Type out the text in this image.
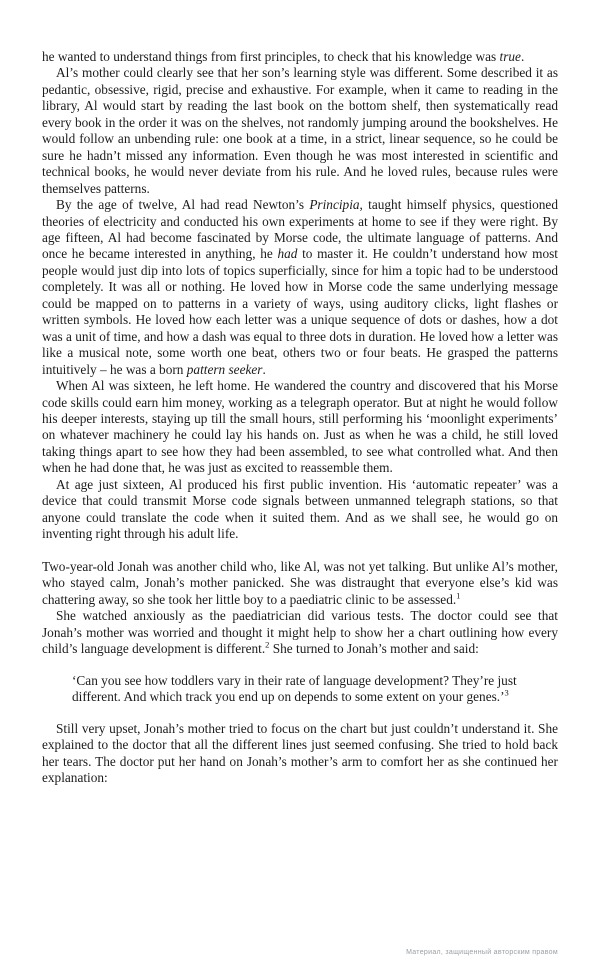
he wanted to understand things from first principles, to check that his knowledge was true.

Al’s mother could clearly see that her son’s learning style was different. Some described it as pedantic, obsessive, rigid, precise and exhaustive. For example, when it came to reading in the library, Al would start by reading the last book on the bottom shelf, then systematically read every book in the order it was on the shelves, not randomly jumping around the bookshelves. He would follow an unbending rule: one book at a time, in a strict, linear sequence, so he could be sure he hadn’t missed any information. Even though he was most interested in scientific and technical books, he would never deviate from his rule. And he loved rules, because rules were themselves patterns.

By the age of twelve, Al had read Newton’s Principia, taught himself physics, questioned theories of electricity and conducted his own experiments at home to see if they were right. By age fifteen, Al had become fascinated by Morse code, the ultimate language of patterns. And once he became interested in anything, he had to master it. He couldn’t understand how most people would just dip into lots of topics superficially, since for him a topic had to be understood completely. It was all or nothing. He loved how in Morse code the same underlying message could be mapped on to patterns in a variety of ways, using auditory clicks, light flashes or written symbols. He loved how each letter was a unique sequence of dots or dashes, how a dot was a unit of time, and how a dash was equal to three dots in duration. He loved how a letter was like a musical note, some worth one beat, others two or four beats. He grasped the patterns intuitively – he was a born pattern seeker.

When Al was sixteen, he left home. He wandered the country and discovered that his Morse code skills could earn him money, working as a telegraph operator. But at night he would follow his deeper interests, staying up till the small hours, still performing his ‘moonlight experiments’ on whatever machinery he could lay his hands on. Just as when he was a child, he still loved taking things apart to see how they had been assembled, to see what controlled what. And then when he had done that, he was just as excited to reassemble them.

At age just sixteen, Al produced his first public invention. His ‘automatic repeater’ was a device that could transmit Morse code signals between unmanned telegraph stations, so that anyone could translate the code when it suited them. And as we shall see, he would go on inventing right through his adult life.

Two-year-old Jonah was another child who, like Al, was not yet talking. But unlike Al’s mother, who stayed calm, Jonah’s mother panicked. She was distraught that everyone else’s kid was chattering away, so she took her little boy to a paediatric clinic to be assessed.$^1$

She watched anxiously as the paediatrician did various tests. The doctor could see that Jonah’s mother was worried and thought it might help to show her a chart outlining how every child’s language development is different.$^2$ She turned to Jonah’s mother and said:

‘Can you see how toddlers vary in their rate of language development? They’re just different. And which track you end up on depends to some extent on your genes.’$^3$

Still very upset, Jonah’s mother tried to focus on the chart but just couldn’t understand it. She explained to the doctor that all the different lines just seemed confusing. She tried to hold back her tears. The doctor put her hand on Jonah’s mother’s arm to comfort her as she continued her explanation:

Материал, защищенный авторским правом
